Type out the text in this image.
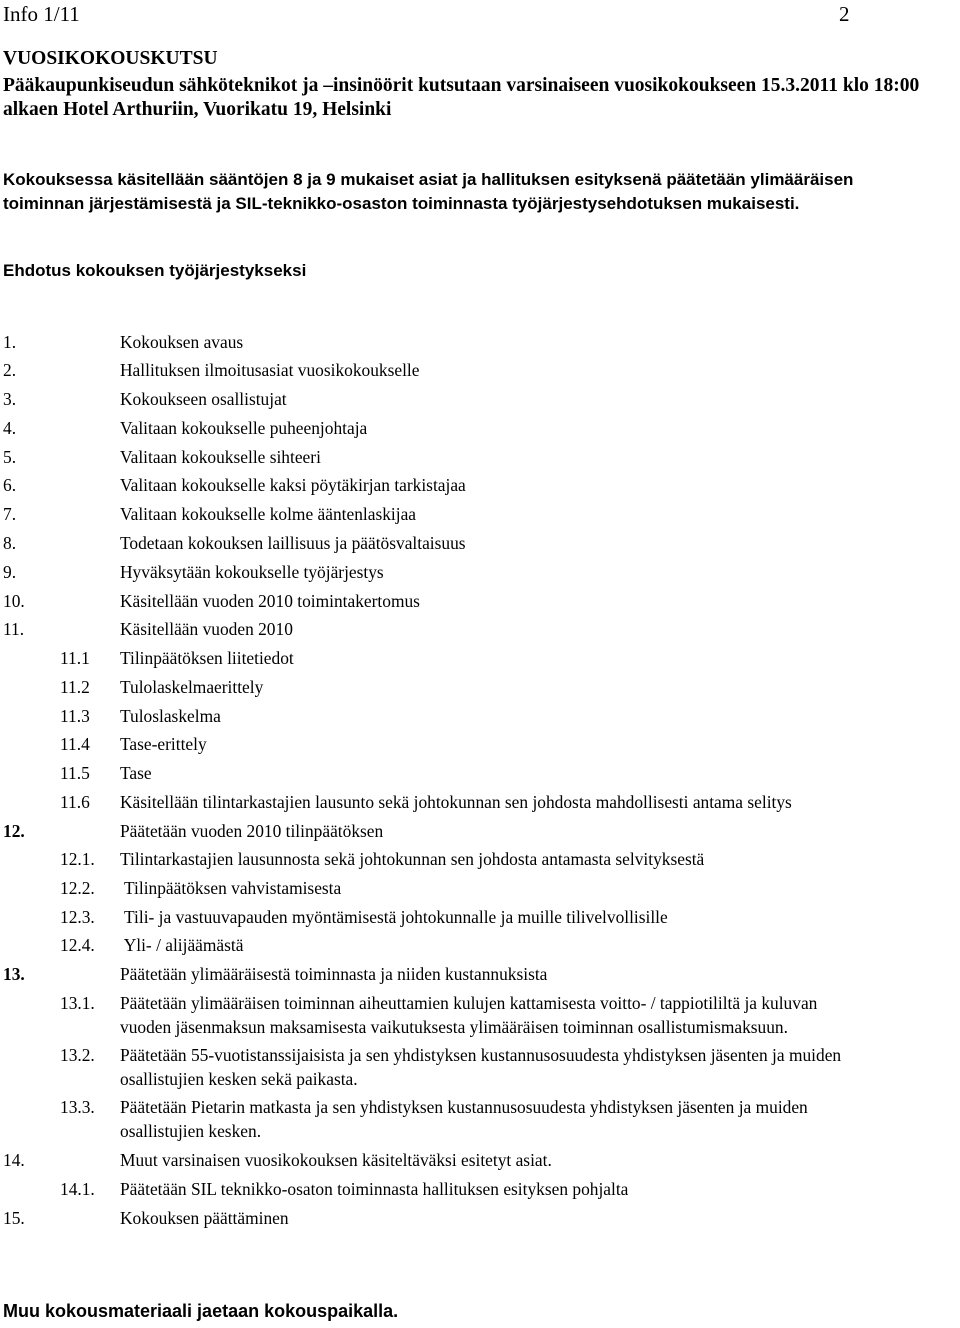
Info 1/11	2
VUOSIKOKOUSKUTSU
Pääkaupunkiseudun sähköteknikot ja –insinöörit kutsutaan varsinaiseen vuosikokoukseen 15.3.2011 klo 18:00
alkaen Hotel Arthuriin, Vuorikatu 19, Helsinki
Kokouksessa käsitellään sääntöjen 8 ja 9 mukaiset asiat ja hallituksen esityksenä päätetään ylimääräisen
toiminnan järjestämisestä ja SIL-teknikko-osaston toiminnasta työjärjestysehdotuksen mukaisesti.
Ehdotus kokouksen työjärjestykseksi
1.	Kokouksen avaus
2.	Hallituksen ilmoitusasiat vuosikokoukselle
3.	Kokoukseen osallistujat
4.	Valitaan kokoukselle puheenjohtaja
5.	Valitaan kokoukselle sihteeri
6.	Valitaan kokoukselle kaksi pöytäkirjan tarkistajaa
7.	Valitaan kokoukselle kolme ääntenlaskijaa
8.	Todetaan kokouksen laillisuus ja päätösvaltaisuus
9.	Hyväksytään kokoukselle työjärjestys
10.	Käsitellään vuoden 2010 toimintakertomus
11.	Käsitellään vuoden 2010
11.1 Tilinpäätöksen liitetiedot
11.2 Tulolaskelmaerittely
11.3 Tuloslaskelma
11.4 Tase-erittely
11.5 Tase
11.6 Käsitellään tilintarkastajien lausunto sekä johtokunnan sen johdosta mahdollisesti antama selitys
12.	Päätetään vuoden 2010 tilinpäätöksen
12.1. Tilintarkastajien lausunnosta sekä johtokunnan sen johdosta antamasta selvityksestä
12.2. Tilinpäätöksen vahvistamisesta
12.3. Tili- ja vastuuvapauden myöntämisestä johtokunnalle ja muille tilivelvollisille
12.4. Yli- / alijäämästä
13.	Päätetään ylimääräisestä toiminnasta ja niiden kustannuksista
13.1. Päätetään ylimääräisen toiminnan aiheuttamien kulujen kattamisesta voitto- / tappiotililtä ja kuluvan
vuoden jäsenmaksun maksamisesta vaikutuksesta ylimääräisen toiminnan osallistumismaksuun.
13.2. Päätetään 55-vuotistanssijaisista ja sen yhdistyksen kustannusosuudesta yhdistyksen jäsenten ja muiden
osallistujien kesken sekä paikasta.
13.3. Päätetään Pietarin matkasta ja sen yhdistyksen kustannusosuudesta yhdistyksen jäsenten ja muiden
osallistujien kesken.
14.	Muut varsinaisen vuosikokouksen käsiteltäväksi esitetyt asiat.
14.1. Päätetään SIL teknikko-osaton toiminnasta hallituksen esityksen pohjalta
15.	Kokouksen päättäminen
Muu kokousmateriaali jaetaan kokouspaikalla.
